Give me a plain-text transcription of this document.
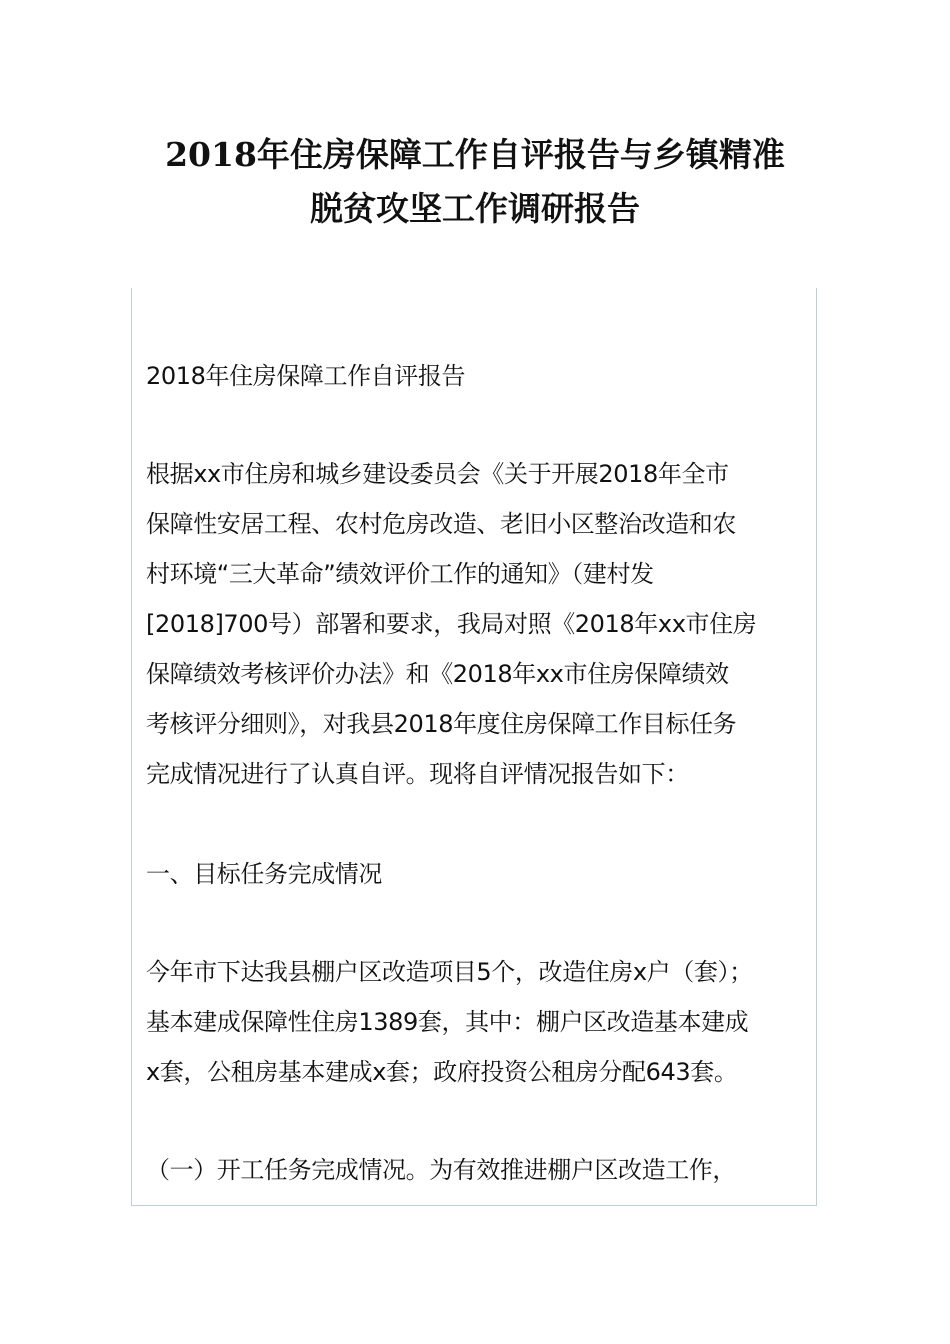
2018年住房保障工作自评报告与乡镇精准
脱贫攻坚工作调研报告

2018年住房保障工作自评报告

根据xx市住房和城乡建设委员会《关于开展2018年全市
保障性安居工程、农村危房改造、老旧小区整治改造和农
村环境“三大革命”绩效评价工作的通知》（建村发
[2018]700号）部署和要求，我局对照《2018年xx市住房
保障绩效考核评价办法》和《2018年xx市住房保障绩效
考核评分细则》，对我县2018年度住房保障工作目标任务
完成情况进行了认真自评。现将自评情况报告如下：

一、目标任务完成情况

今年市下达我县棚户区改造项目5个，改造住房x户（套）；
基本建成保障性住房1389套，其中：棚户区改造基本建成
x套，公租房基本建成x套；政府投资公租房分配643套。

（一）开工任务完成情况。为有效推进棚户区改造工作，
